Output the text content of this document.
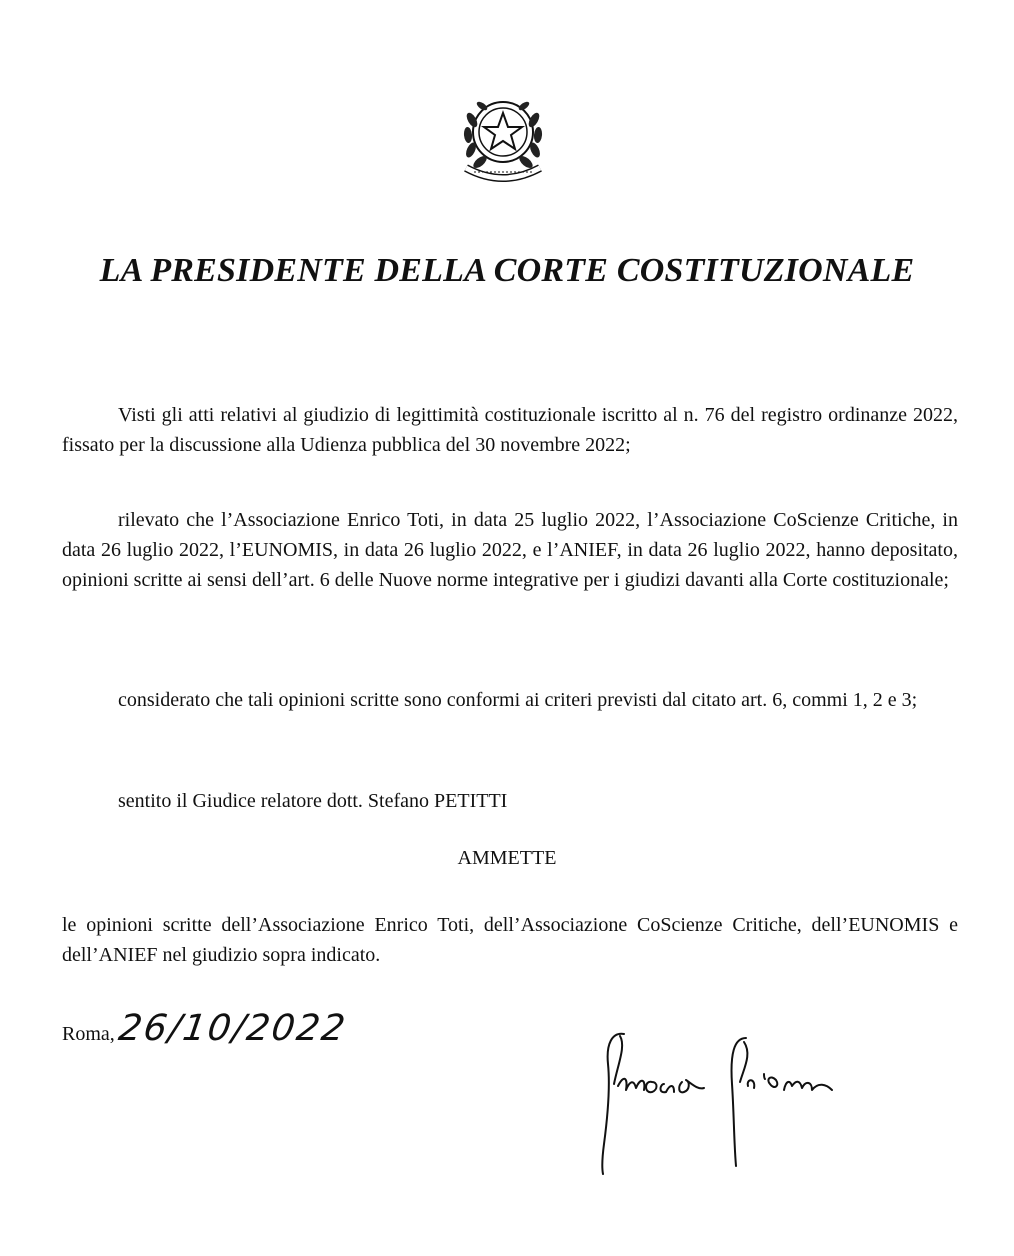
LA PRESIDENTE DELLA CORTE COSTITUZIONALE

Visti gli atti relativi al giudizio di legittimità costituzionale iscritto al n. 76 del registro ordinanze 2022, fissato per la discussione alla Udienza pubblica del 30 novembre 2022;

rilevato che l’Associazione Enrico Toti, in data 25 luglio 2022, l’Associazione CoScienze Critiche, in data 26 luglio 2022, l’EUNOMIS, in data 26 luglio 2022, e l’ANIEF, in data 26 luglio 2022, hanno depositato, opinioni scritte ai sensi dell’art. 6 delle Nuove norme integrative per i giudizi davanti alla Corte costituzionale;

considerato che tali opinioni scritte sono conformi ai criteri previsti dal citato art. 6, commi 1, 2 e 3;

sentito il Giudice relatore dott. Stefano PETITTI

AMMETTE

le opinioni scritte dell’Associazione Enrico Toti, dell’Associazione CoScienze Critiche, dell’EUNOMIS e dell’ANIEF nel giudizio sopra indicato.

Roma,26/10/2022
